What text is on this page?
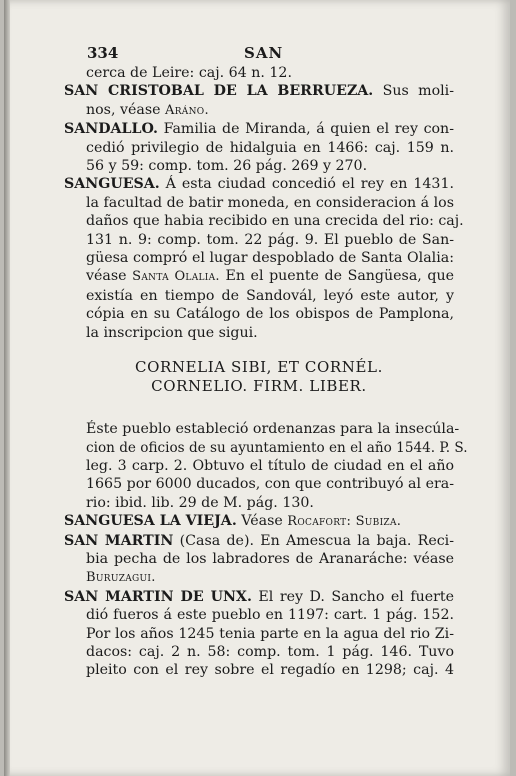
334	SAN
cerca de Leire: caj. 64 n. 12.
SAN CRISTOBAL DE LA BERRUEZA. Sus moli-
nos, véase Aráno.
SANDALLO. Familia de Miranda, á quien el rey con-
cedió privilegio de hidalguia en 1466: caj. 159 n.
56 y 59: comp. tom. 26 pág. 269 y 270.
SANGUESA. Á esta ciudad concedió el rey en 1431.
la facultad de batir moneda, en consideracion á los
daños que habia recibido en una crecida del rio: caj.
131 n. 9: comp. tom. 22 pág. 9. El pueblo de San-
güesa compró el lugar despoblado de Santa Olalia:
véase Santa Olalia. En el puente de Sangüesa, que
existía en tiempo de Sandovál, leyó este autor, y
cópia en su Catálogo de los obispos de Pamplona,
la inscripcion que sigui.
CORNELIA SIBI, ET CORNÉL.
CORNELIO. FIRM. LIBER.
Éste pueblo estableció ordenanzas para la insecúla-
cion de oficios de su ayuntamiento en el año 1544. P. S.
leg. 3 carp. 2. Obtuvo el título de ciudad en el año
1665 por 6000 ducados, con que contribuyó al era-
rio: ibid. lib. 29 de M. pág. 130.
SANGUESA LA VIEJA. Véase Rocafort: Subiza.
SAN MARTIN (Casa de). En Amescua la baja. Reci-
bia pecha de los labradores de Aranaráche: véase
Buruzagui.
SAN MARTIN DE UNX. El rey D. Sancho el fuerte
dió fueros á este pueblo en 1197: cart. 1 pág. 152.
Por los años 1245 tenia parte en la agua del rio Zi-
dacos: caj. 2 n. 58: comp. tom. 1 pág. 146. Tuvo
pleito con el rey sobre el regadío en 1298; caj. 4
